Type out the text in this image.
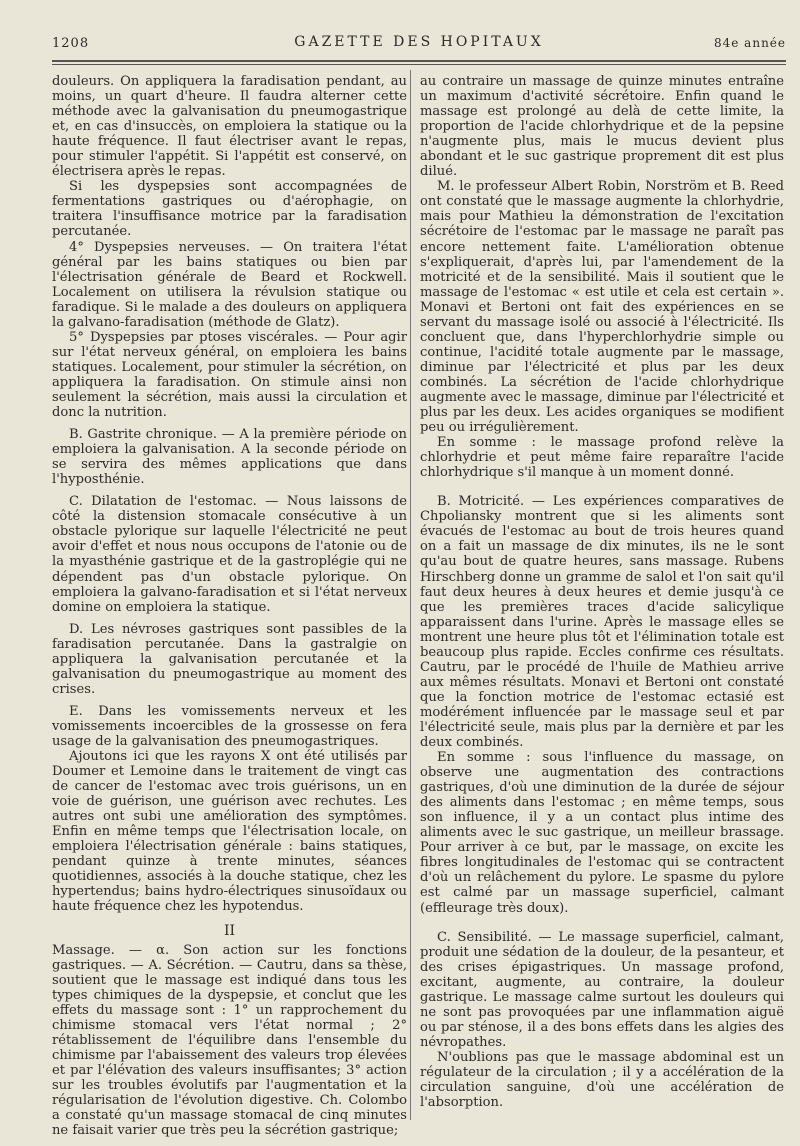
1208	GAZETTE DES HOPITAUX	84e année

douleurs. On appliquera la faradisation pendant, au moins, un quart d'heure. Il faudra alterner cette méthode avec la galvanisation du pneumogastrique et, en cas d'insuccès, on emploiera la statique ou la haute fréquence. Il faut électriser avant le repas, pour stimuler l'appétit. Si l'appétit est conservé, on électrisera après le repas.

Si les dyspepsies sont accompagnées de fermentations gastriques ou d'aérophagie, on traitera l'insuffisance motrice par la faradisation percutanée.

4° Dyspepsies nerveuses. — On traitera l'état général par les bains statiques ou bien par l'électrisation générale de Beard et Rockwell. Localement on utilisera la révulsion statique ou faradique. Si le malade a des douleurs on appliquera la galvano-faradisation (méthode de Glatz).

5° Dyspepsies par ptoses viscérales. — Pour agir sur l'état nerveux général, on emploiera les bains statiques. Localement, pour stimuler la sécrétion, on appliquera la faradisation. On stimule ainsi non seulement la sécrétion, mais aussi la circulation et donc la nutrition.

B. Gastrite chronique. — A la première période on emploiera la galvanisation. A la seconde période on se servira des mêmes applications que dans l'hyposthénie.

C. Dilatation de l'estomac. — Nous laissons de côté la distension stomacale consécutive à un obstacle pylorique sur laquelle l'électricité ne peut avoir d'effet et nous nous occupons de l'atonie ou de la myasthénie gastrique et de la gastroplégie qui ne dépendent pas d'un obstacle pylorique. On emploiera la galvano-faradisation et si l'état nerveux domine on emploiera la statique.

D. Les névroses gastriques sont passibles de la faradisation percutanée. Dans la gastralgie on appliquera la galvanisation percutanée et la galvanisation du pneumogastrique au moment des crises.

E. Dans les vomissements nerveux et les vomissements incoercibles de la grossesse on fera usage de la galvanisation des pneumogastriques.

Ajoutons ici que les rayons X ont été utilisés par Doumer et Lemoine dans le traitement de vingt cas de cancer de l'estomac avec trois guérisons, un en voie de guérison, une guérison avec rechutes. Les autres ont subi une amélioration des symptômes. Enfin en même temps que l'électrisation locale, on emploiera l'électrisation générale : bains statiques, pendant quinze à trente minutes, séances quotidiennes, associés à la douche statique, chez les hypertendus; bains hydro-électriques sinusoïdaux ou haute fréquence chez les hypotendus.

II

Massage. — α. Son action sur les fonctions gastriques. — A. Sécrétion. — Cautru, dans sa thèse, soutient que le massage est indiqué dans tous les types chimiques de la dyspepsie, et conclut que les effets du massage sont : 1° un rapprochement du chimisme stomacal vers l'état normal ; 2° rétablissement de l'équilibre dans l'ensemble du chimisme par l'abaissement des valeurs trop élevées et par l'élévation des valeurs insuffisantes; 3° action sur les troubles évolutifs par l'augmentation et la régularisation de l'évolution digestive. Ch. Colombo a constaté qu'un massage stomacal de cinq minutes ne faisait varier que très peu la sécrétion gastrique;

au contraire un massage de quinze minutes entraîne un maximum d'activité sécrétoire. Enfin quand le massage est prolongé au delà de cette limite, la proportion de l'acide chlorhydrique et de la pepsine n'augmente plus, mais le mucus devient plus abondant et le suc gastrique proprement dit est plus dilué.

M. le professeur Albert Robin, Norström et B. Reed ont constaté que le massage augmente la chlorhydrie, mais pour Mathieu la démonstration de l'excitation sécrétoire de l'estomac par le massage ne paraît pas encore nettement faite. L'amélioration obtenue s'expliquerait, d'après lui, par l'amendement de la motricité et de la sensibilité. Mais il soutient que le massage de l'estomac « est utile et cela est certain ». Monavi et Bertoni ont fait des expériences en se servant du massage isolé ou associé à l'électricité. Ils concluent que, dans l'hyperchlorhydrie simple ou continue, l'acidité totale augmente par le massage, diminue par l'électricité et plus par les deux combinés. La sécrétion de l'acide chlorhydrique augmente avec le massage, diminue par l'électricité et plus par les deux. Les acides organiques se modifient peu ou irrégulièrement.

En somme : le massage profond relève la chlorhydrie et peut même faire reparaître l'acide chlorhydrique s'il manque à un moment donné.

B. Motricité. — Les expériences comparatives de Chpoliansky montrent que si les aliments sont évacués de l'estomac au bout de trois heures quand on a fait un massage de dix minutes, ils ne le sont qu'au bout de quatre heures, sans massage. Rubens Hirschberg donne un gramme de salol et l'on sait qu'il faut deux heures à deux heures et demie jusqu'à ce que les premières traces d'acide salicylique apparaissent dans l'urine. Après le massage elles se montrent une heure plus tôt et l'élimination totale est beaucoup plus rapide. Eccles confirme ces résultats. Cautru, par le procédé de l'huile de Mathieu arrive aux mêmes résultats. Monavi et Bertoni ont constaté que la fonction motrice de l'estomac ectasié est modérément influencée par le massage seul et par l'électricité seule, mais plus par la dernière et par les deux combinés.

En somme : sous l'influence du massage, on observe une augmentation des contractions gastriques, d'où une diminution de la durée de séjour des aliments dans l'estomac ; en même temps, sous son influence, il y a un contact plus intime des aliments avec le suc gastrique, un meilleur brassage. Pour arriver à ce but, par le massage, on excite les fibres longitudinales de l'estomac qui se contractent d'où un relâchement du pylore. Le spasme du pylore est calmé par un massage superficiel, calmant (effleurage très doux).

C. Sensibilité. — Le massage superficiel, calmant, produit une sédation de la douleur, de la pesanteur, et des crises épigastriques. Un massage profond, excitant, augmente, au contraire, la douleur gastrique. Le massage calme surtout les douleurs qui ne sont pas provoquées par une inflammation aiguë ou par sténose, il a des bons effets dans les algies des névropathes.

N'oublions pas que le massage abdominal est un régulateur de la circulation ; il y a accélération de la circulation sanguine, d'où une accélération de l'absorption.
